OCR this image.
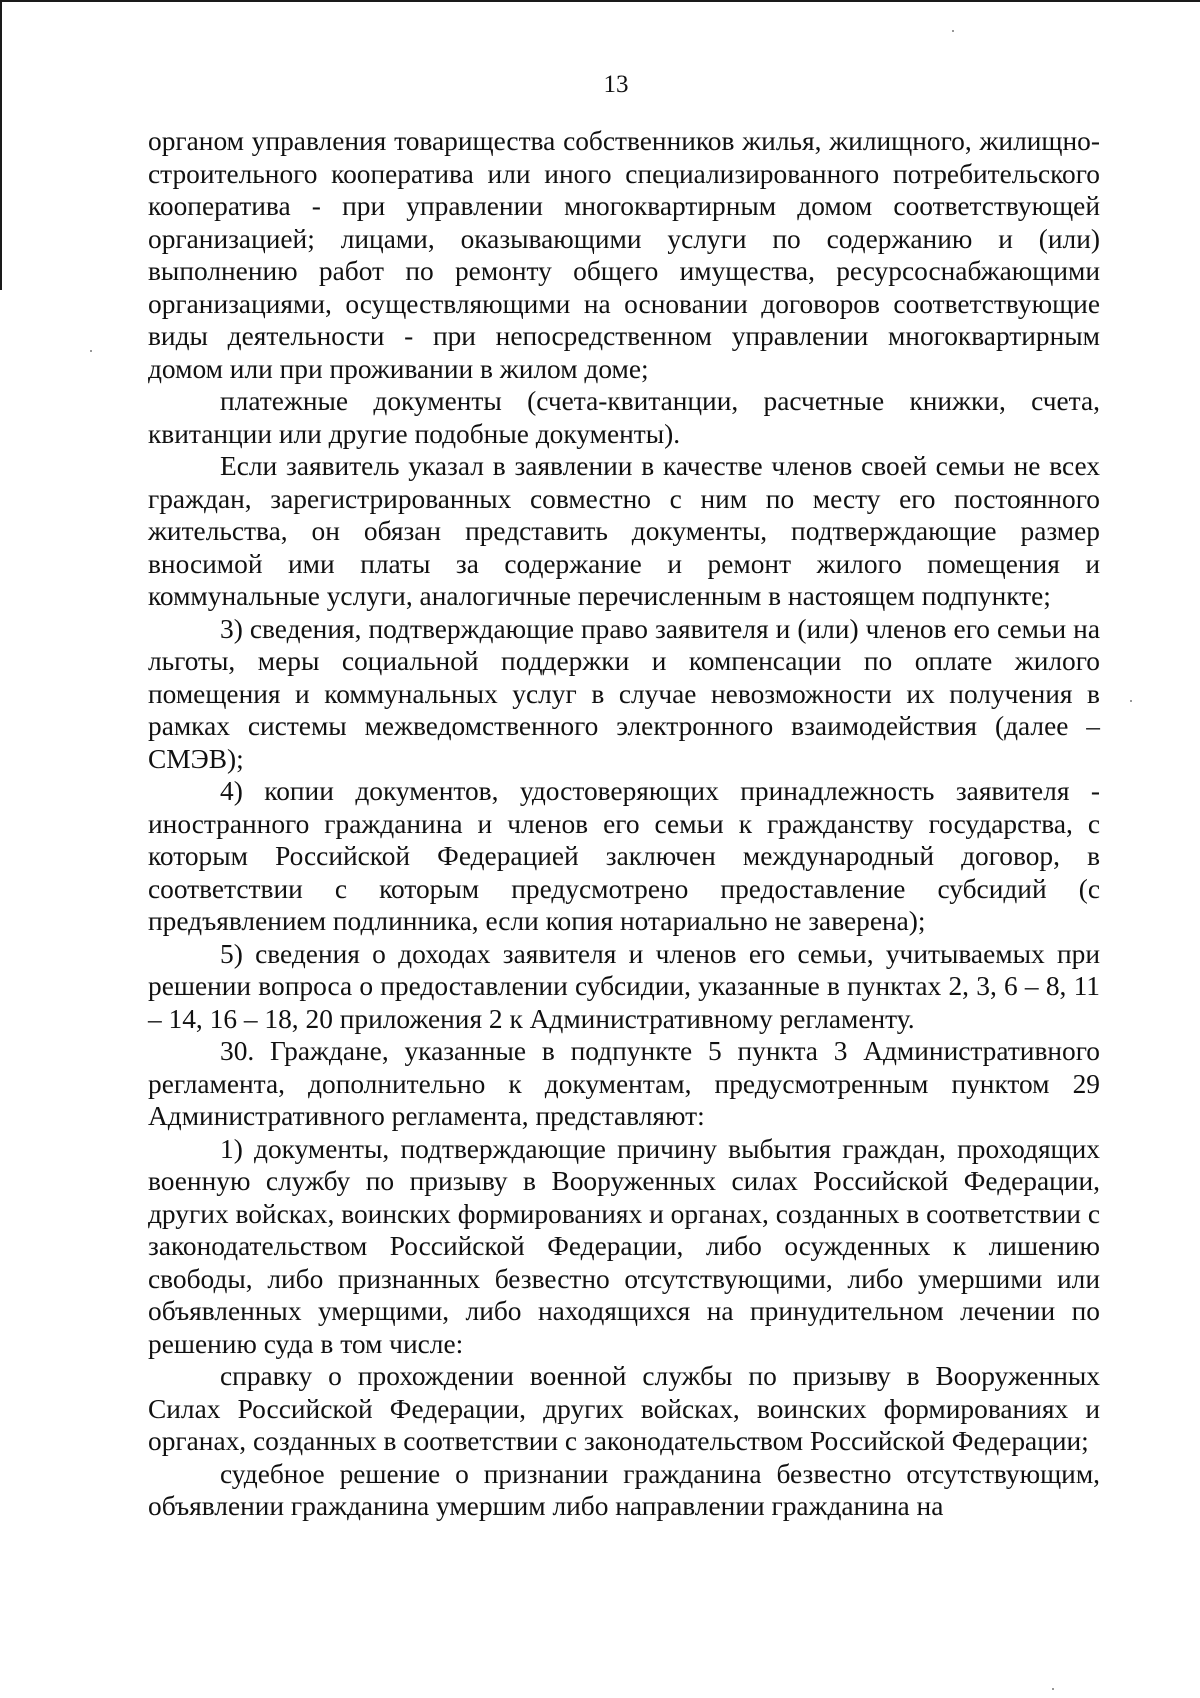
13

органом управления товарищества собственников жилья, жилищного, жилищно-строительного кооператива или иного специализированного потребительского кооператива - при управлении многоквартирным домом соответствующей организацией; лицами, оказывающими услуги по содержанию и (или) выполнению работ по ремонту общего имущества, ресурсоснабжающими организациями, осуществляющими на основании договоров соответствующие виды деятельности - при непосредственном управлении многоквартирным домом или при проживании в жилом доме;

платежные документы (счета-квитанции, расчетные книжки, счета, квитанции или другие подобные документы).

Если заявитель указал в заявлении в качестве членов своей семьи не всех граждан, зарегистрированных совместно с ним по месту его постоянного жительства, он обязан представить документы, подтверждающие размер вносимой ими платы за содержание и ремонт жилого помещения и коммунальные услуги, аналогичные перечисленным в настоящем подпункте;

3) сведения, подтверждающие право заявителя и (или) членов его семьи на льготы, меры социальной поддержки и компенсации по оплате жилого помещения и коммунальных услуг в случае невозможности их получения в рамках системы межведомственного электронного взаимодействия (далее – СМЭВ);

4) копии документов, удостоверяющих принадлежность заявителя - иностранного гражданина и членов его семьи к гражданству государства, с которым Российской Федерацией заключен международный договор, в соответствии с которым предусмотрено предоставление субсидий (с предъявлением подлинника, если копия нотариально не заверена);

5) сведения о доходах заявителя и членов его семьи, учитываемых при решении вопроса о предоставлении субсидии, указанные в пунктах 2, 3, 6 – 8, 11 – 14, 16 – 18, 20 приложения 2 к Административному регламенту.

30. Граждане, указанные в подпункте 5 пункта 3 Административного регламента, дополнительно к документам, предусмотренным пунктом 29 Административного регламента, представляют:

1) документы, подтверждающие причину выбытия граждан, проходящих военную службу по призыву в Вооруженных силах Российской Федерации, других войсках, воинских формированиях и органах, созданных в соответствии с законодательством Российской Федерации, либо осужденных к лишению свободы, либо признанных безвестно отсутствующими, либо умершими или объявленных умерщими, либо находящихся на принудительном лечении по решению суда в том числе:

справку о прохождении военной службы по призыву в Вооруженных Силах Российской Федерации, других войсках, воинских формированиях и органах, созданных в соответствии с законодательством Российской Федерации;

судебное решение о признании гражданина безвестно отсутствующим, объявлении гражданина умершим либо направлении гражданина на
